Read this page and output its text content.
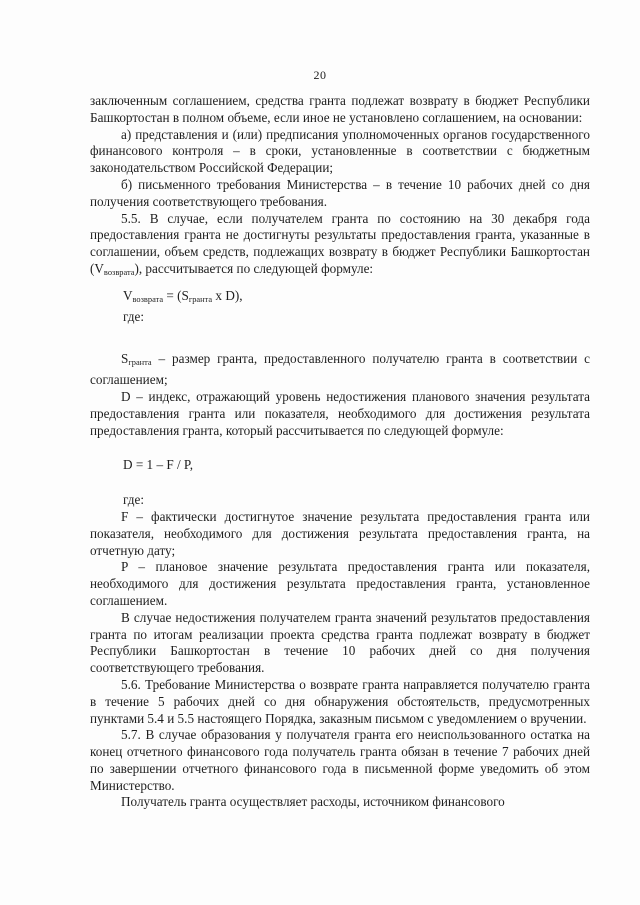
20

заключенным соглашением, средства гранта подлежат возврату в бюджет Республики Башкортостан в полном объеме, если иное не установлено соглашением, на основании:

а) представления и (или) предписания уполномоченных органов государственного финансового контроля – в сроки, установленные в соответствии с бюджетным законодательством Российской Федерации;

б) письменного требования Министерства – в течение 10 рабочих дней со дня получения соответствующего требования.

5.5. В случае, если получателем гранта по состоянию на 30 декабря года предоставления гранта не достигнуты результаты предоставления гранта, указанные в соглашении, объем средств, подлежащих возврату в бюджет Республики Башкортостан $(V_{возврата})$, рассчитывается по следующей формуле:

$V_{возврата} = (S_{гранта}$ x D),

где:

$S_{гранта}$ – размер гранта, предоставленного получателю гранта в соответствии с соглашением;

D – индекс, отражающий уровень недостижения планового значения результата предоставления гранта или показателя, необходимого для достижения результата предоставления гранта, который рассчитывается по следующей формуле:

D = 1 – F / P,

где:

F – фактически достигнутое значение результата предоставления гранта или показателя, необходимого для достижения результата предоставления гранта, на отчетную дату;

P – плановое значение результата предоставления гранта или показателя, необходимого для достижения результата предоставления гранта, установленное соглашением.

В случае недостижения получателем гранта значений результатов предоставления гранта по итогам реализации проекта средства гранта подлежат возврату в бюджет Республики Башкортостан в течение 10 рабочих дней со дня получения соответствующего требования.

5.6. Требование Министерства о возврате гранта направляется получателю гранта в течение 5 рабочих дней со дня обнаружения обстоятельств, предусмотренных пунктами 5.4 и 5.5 настоящего Порядка, заказным письмом с уведомлением о вручении.

5.7. В случае образования у получателя гранта его неиспользованного остатка на конец отчетного финансового года получатель гранта обязан в течение 7 рабочих дней по завершении отчетного финансового года в письменной форме уведомить об этом Министерство.

Получатель гранта осуществляет расходы, источником финансового
